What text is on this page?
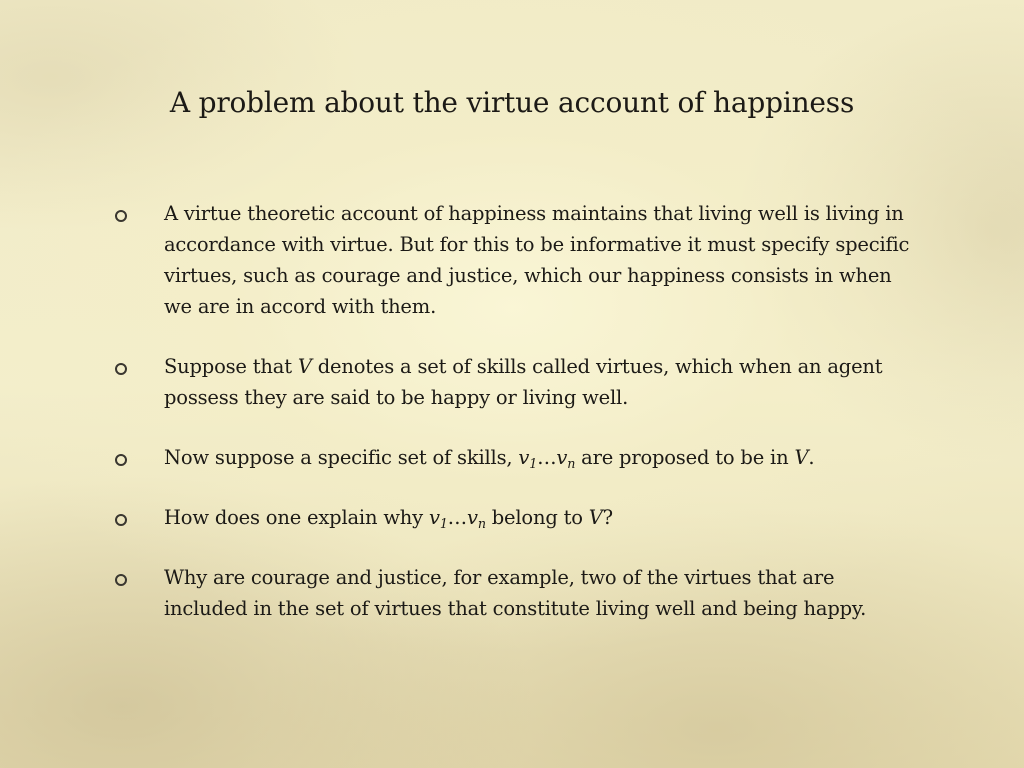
A problem about the virtue account of happiness
A virtue theoretic account of happiness maintains that living well is living in accordance with virtue. But for this to be informative it must specify specific virtues, such as courage and justice, which our happiness consists in when we are in accord with them.
Suppose that V denotes a set of skills called virtues, which when an agent possess they are said to be happy or living well.
Now suppose a specific set of skills, $v_1\dots v_n$ are proposed to be in V.
How does one explain why $v_1\dots v_n$ belong to V?
Why are courage and justice, for example, two of the virtues that are included in the set of virtues that constitute living well and being happy.
